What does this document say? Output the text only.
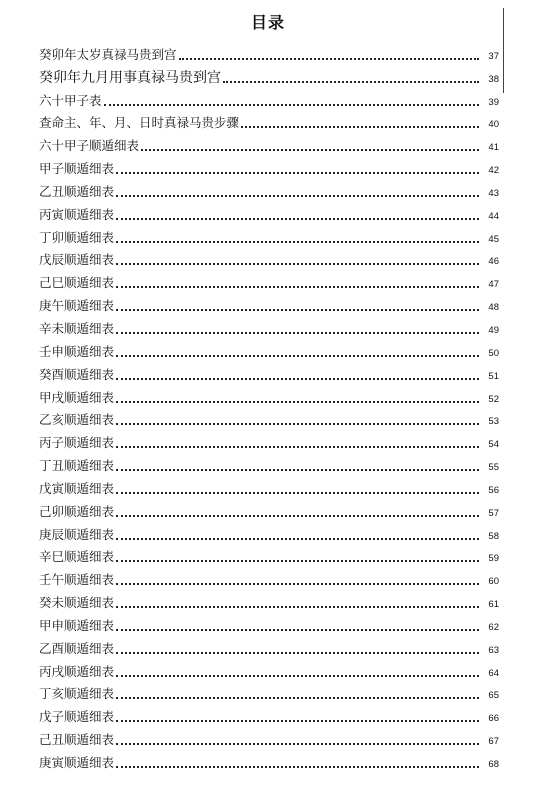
目录
癸卯年太岁真禄马贵到宫	37
癸卯年九月用事真禄马贵到宫	38
六十甲子表	39
查命主、年、月、日时真禄马贵步骤	40
六十甲子顺遁细表	41
甲子顺遁细表	42
乙丑顺遁细表	43
丙寅顺遁细表	44
丁卯顺遁细表	45
戊辰顺遁细表	46
己巳顺遁细表	47
庚午顺遁细表	48
辛未顺遁细表	49
壬申顺遁细表	50
癸酉顺遁细表	51
甲戌顺遁细表	52
乙亥顺遁细表	53
丙子顺遁细表	54
丁丑顺遁细表	55
戊寅顺遁细表	56
己卯顺遁细表	57
庚辰顺遁细表	58
辛巳顺遁细表	59
壬午顺遁细表	60
癸未顺遁细表	61
甲申顺遁细表	62
乙酉顺遁细表	63
丙戌顺遁细表	64
丁亥顺遁细表	65
戊子顺遁细表	66
己丑顺遁细表	67
庚寅顺遁细表	68
